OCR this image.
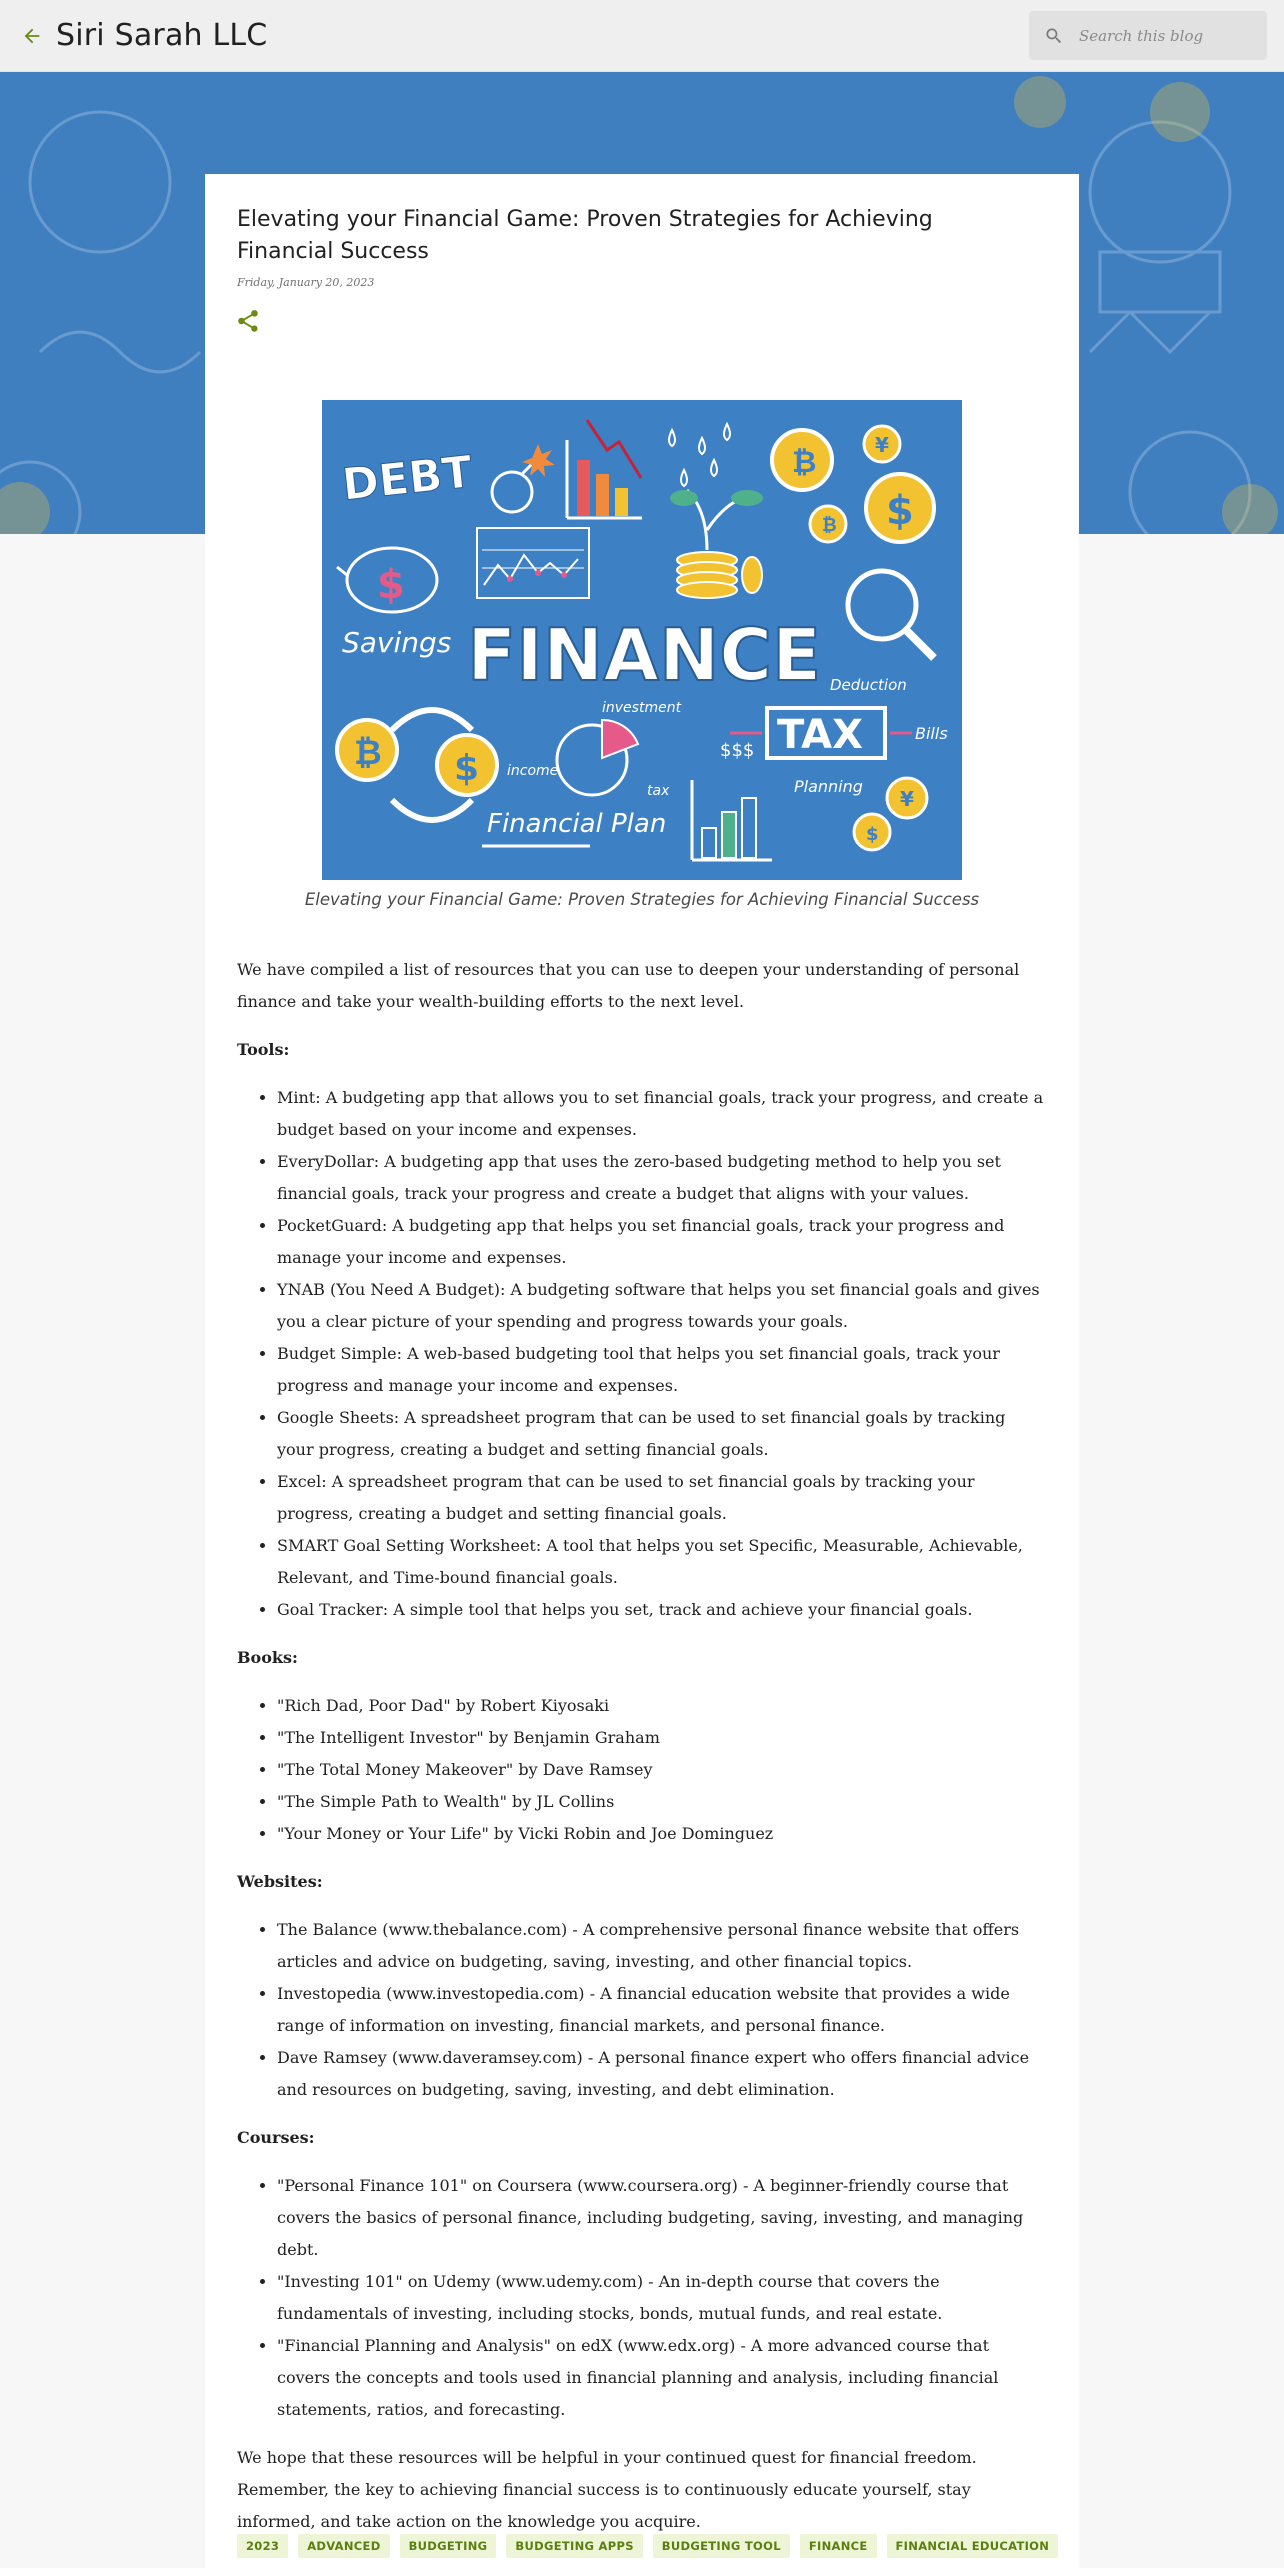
Siri Sarah LLC
Search this blog
Elevating your Financial Game: Proven Strategies for Achieving Financial Success
Friday, January 20, 2023
DEBT	₿	¥
$
₿
$
Savings FINANCE
₿ $
investment
income
tax
TAX
Deduction
Bills
Planning
$$$
Financial Plan
¥
$
Elevating your Financial Game: Proven Strategies for Achieving Financial Success

We have compiled a list of resources that you can use to deepen your understanding of personal finance and take your wealth-building efforts to the next level.

Tools:
• Mint: A budgeting app that allows you to set financial goals, track your progress, and create a budget based on your income and expenses.
• EveryDollar: A budgeting app that uses the zero-based budgeting method to help you set financial goals, track your progress and create a budget that aligns with your values.
• PocketGuard: A budgeting app that helps you set financial goals, track your progress and manage your income and expenses.
• YNAB (You Need A Budget): A budgeting software that helps you set financial goals and gives you a clear picture of your spending and progress towards your goals.
• Budget Simple: A web-based budgeting tool that helps you set financial goals, track your progress and manage your income and expenses.
• Google Sheets: A spreadsheet program that can be used to set financial goals by tracking your progress, creating a budget and setting financial goals.
• Excel: A spreadsheet program that can be used to set financial goals by tracking your progress, creating a budget and setting financial goals.
• SMART Goal Setting Worksheet: A tool that helps you set Specific, Measurable, Achievable, Relevant, and Time-bound financial goals.
• Goal Tracker: A simple tool that helps you set, track and achieve your financial goals.
Books:
• "Rich Dad, Poor Dad" by Robert Kiyosaki
• "The Intelligent Investor" by Benjamin Graham
• "The Total Money Makeover" by Dave Ramsey
• "The Simple Path to Wealth" by JL Collins
• "Your Money or Your Life" by Vicki Robin and Joe Dominguez
Websites:
• The Balance (www.thebalance.com) - A comprehensive personal finance website that offers articles and advice on budgeting, saving, investing, and other financial topics.
• Investopedia (www.investopedia.com) - A financial education website that provides a wide range of information on investing, financial markets, and personal finance.
• Dave Ramsey (www.daveramsey.com) - A personal finance expert who offers financial advice and resources on budgeting, saving, investing, and debt elimination.
Courses:
• "Personal Finance 101" on Coursera (www.coursera.org) - A beginner-friendly course that covers the basics of personal finance, including budgeting, saving, investing, and managing debt.
• "Investing 101" on Udemy (www.udemy.com) - An in-depth course that covers the fundamentals of investing, including stocks, bonds, mutual funds, and real estate.
• "Financial Planning and Analysis" on edX (www.edx.org) - A more advanced course that covers the concepts and tools used in financial planning and analysis, including financial statements, ratios, and forecasting.

We hope that these resources will be helpful in your continued quest for financial freedom. Remember, the key to achieving financial success is to continuously educate yourself, stay informed, and take action on the knowledge you acquire.

2023	ADVANCED	BUDGETING	BUDGETING APPS	BUDGETING TOOL	FINANCE	FINANCIAL EDUCATION
